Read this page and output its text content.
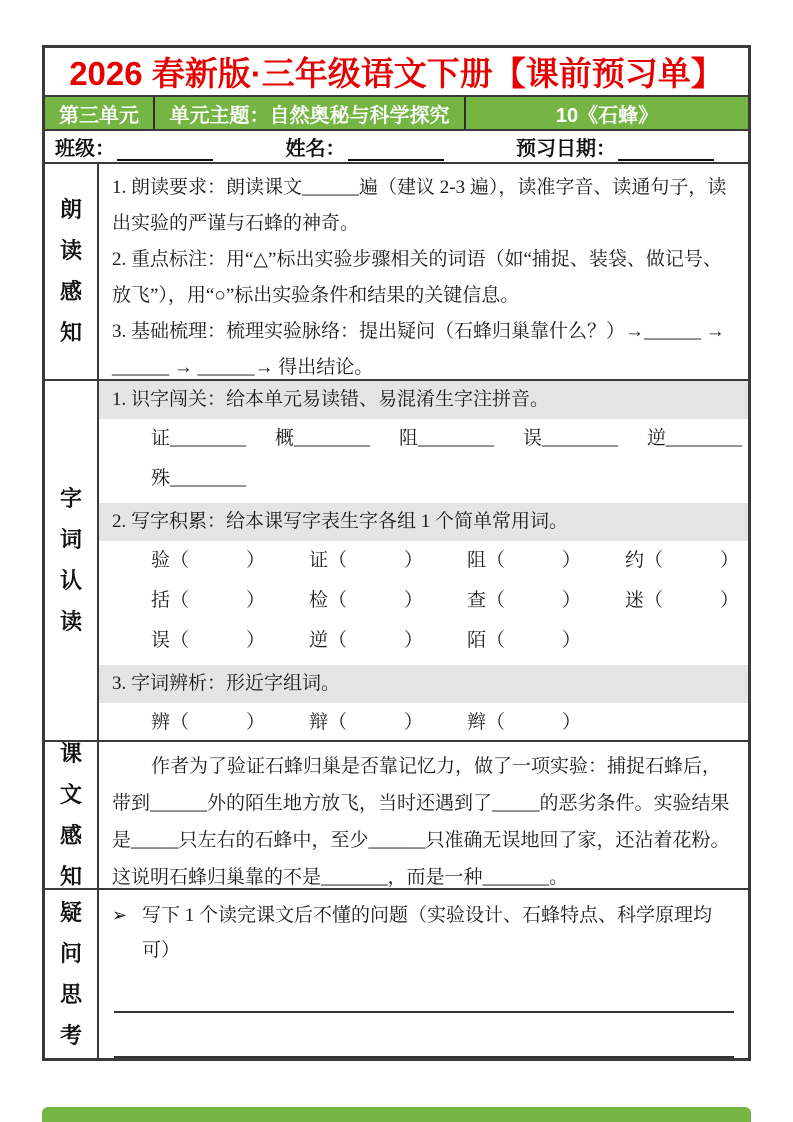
2026 春新版·三年级语文下册【课前预习单】
第三单元	单元主题：自然奥秘与科学探究	10《石蜂》
班级：	姓名：	预习日期：
朗读感知

1. 朗读要求：朗读课文______遍（建议 2-3 遍），读准字音、读通句子，读出实验的严谨与石蜂的神奇。

2. 重点标注：用“△”标出实验步骤相关的词语（如“捕捉、装袋、做记号、放飞”），用“○”标出实验条件和结果的关键信息。

3. 基础梳理：梳理实验脉络：提出疑问（石蜂归巢靠什么？）→______ → ______ → ______→ 得出结论。

字词认读

1. 识字闯关：给本单元易读错、易混淆生字注拼音。

证________	概________	阻________	误________	逆________
殊________

2. 写字积累：给本课写字表生字各组 1 个简单常用词。

验（　　　）	证（　　　）	阻（　　　）	约（　　　）
括（　　　）	检（　　　）	查（　　　）	迷（　　　）
误（　　　）	逆（　　　）	陌（　　　）

3. 字词辨析：形近字组词。

辨（　　　）	辩（　　　）	辫（　　　）
课文感知

作者为了验证石蜂归巢是否靠记忆力，做了一项实验：捕捉石蜂后，带到______外的陌生地方放飞，当时还遇到了_____的恶劣条件。实验结果是_____只左右的石蜂中，至少______只准确无误地回了家，还沾着花粉。这说明石蜂归巢靠的不是_______，而是一种_______。

疑问思考
➢ 写下 1 个读完课文后不懂的问题（实验设计、石蜂特点、科学原理均可）
